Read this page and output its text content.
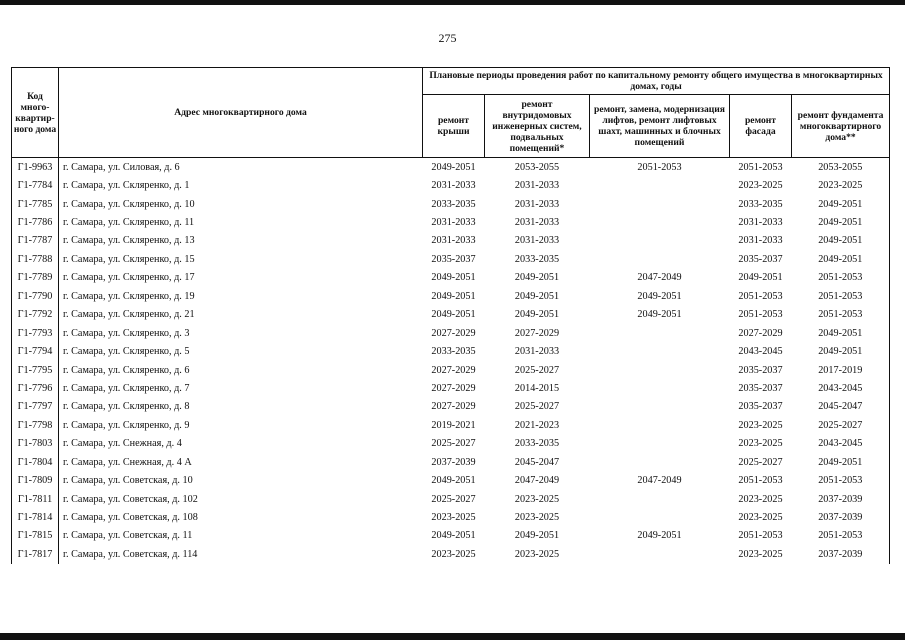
275
Код много-квартир-ного дома	Адрес многоквартирного дома	Плановые периоды проведения работ по капитальному ремонту общего имущества в многоквартирных домах, годы				
		ремонт крыши	ремонт внутридомовых инженерных систем, подвальных помещений*	ремонт, замена, модернизация лифтов, ремонт лифтовых шахт, машинных и блочных помещений	ремонт фасада	ремонт фундамента многоквартирного дома**
Г1-9963	г. Самара, ул. Силовая, д. 6	2049-2051	2053-2055	2051-2053	2051-2053	2053-2055
Г1-7784	г. Самара, ул. Скляренко, д. 1	2031-2033	2031-2033		2023-2025	2023-2025
Г1-7785	г. Самара, ул. Скляренко, д. 10	2033-2035	2031-2033		2033-2035	2049-2051
Г1-7786	г. Самара, ул. Скляренко, д. 11	2031-2033	2031-2033		2031-2033	2049-2051
Г1-7787	г. Самара, ул. Скляренко, д. 13	2031-2033	2031-2033		2031-2033	2049-2051
Г1-7788	г. Самара, ул. Скляренко, д. 15	2035-2037	2033-2035		2035-2037	2049-2051
Г1-7789	г. Самара, ул. Скляренко, д. 17	2049-2051	2049-2051	2047-2049	2049-2051	2051-2053
Г1-7790	г. Самара, ул. Скляренко, д. 19	2049-2051	2049-2051	2049-2051	2051-2053	2051-2053
Г1-7792	г. Самара, ул. Скляренко, д. 21	2049-2051	2049-2051	2049-2051	2051-2053	2051-2053
Г1-7793	г. Самара, ул. Скляренко, д. 3	2027-2029	2027-2029		2027-2029	2049-2051
Г1-7794	г. Самара, ул. Скляренко, д. 5	2033-2035	2031-2033		2043-2045	2049-2051
Г1-7795	г. Самара, ул. Скляренко, д. 6	2027-2029	2025-2027		2035-2037	2017-2019
Г1-7796	г. Самара, ул. Скляренко, д. 7	2027-2029	2014-2015		2035-2037	2043-2045
Г1-7797	г. Самара, ул. Скляренко, д. 8	2027-2029	2025-2027		2035-2037	2045-2047
Г1-7798	г. Самара, ул. Скляренко, д. 9	2019-2021	2021-2023		2023-2025	2025-2027
Г1-7803	г. Самара, ул. Снежная, д. 4	2025-2027	2033-2035		2023-2025	2043-2045
Г1-7804	г. Самара, ул. Снежная, д. 4 А	2037-2039	2045-2047		2025-2027	2049-2051
Г1-7809	г. Самара, ул. Советская, д. 10	2049-2051	2047-2049	2047-2049	2051-2053	2051-2053
Г1-7811	г. Самара, ул. Советская, д. 102	2025-2027	2023-2025		2023-2025	2037-2039
Г1-7814	г. Самара, ул. Советская, д. 108	2023-2025	2023-2025		2023-2025	2037-2039
Г1-7815	г. Самара, ул. Советская, д. 11	2049-2051	2049-2051	2049-2051	2051-2053	2051-2053
Г1-7817	г. Самара, ул. Советская, д. 114	2023-2025	2023-2025		2023-2025	2037-2039
